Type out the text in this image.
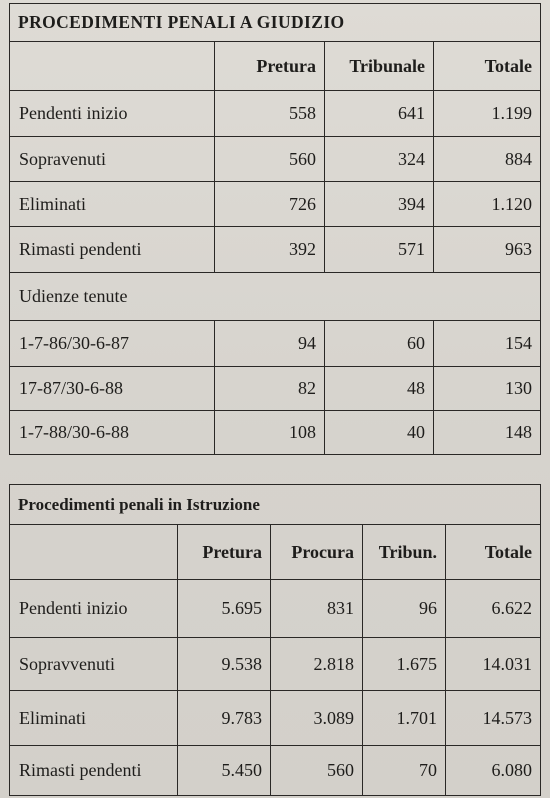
PROCEDIMENTI PENALI A GIUDIZIO			
	Pretura	Tribunale	Totale
Pendenti inizio	558	641	1.199
Sopravenuti	560	324	884
Eliminati	726	394	1.120
Rimasti pendenti	392	571	963
Udienze tenute			
1-7-86/30-6-87	94	60	154
17-87/30-6-88	82	48	130
1-7-88/30-6-88	108	40	148
Procedimenti penali in Istruzione				
	Pretura	Procura	Tribun.	Totale
Pendenti inizio	5.695	831	96	6.622
Sopravvenuti	9.538	2.818	1.675	14.031
Eliminati	9.783	3.089	1.701	14.573
Rimasti pendenti	5.450	560	70	6.080
